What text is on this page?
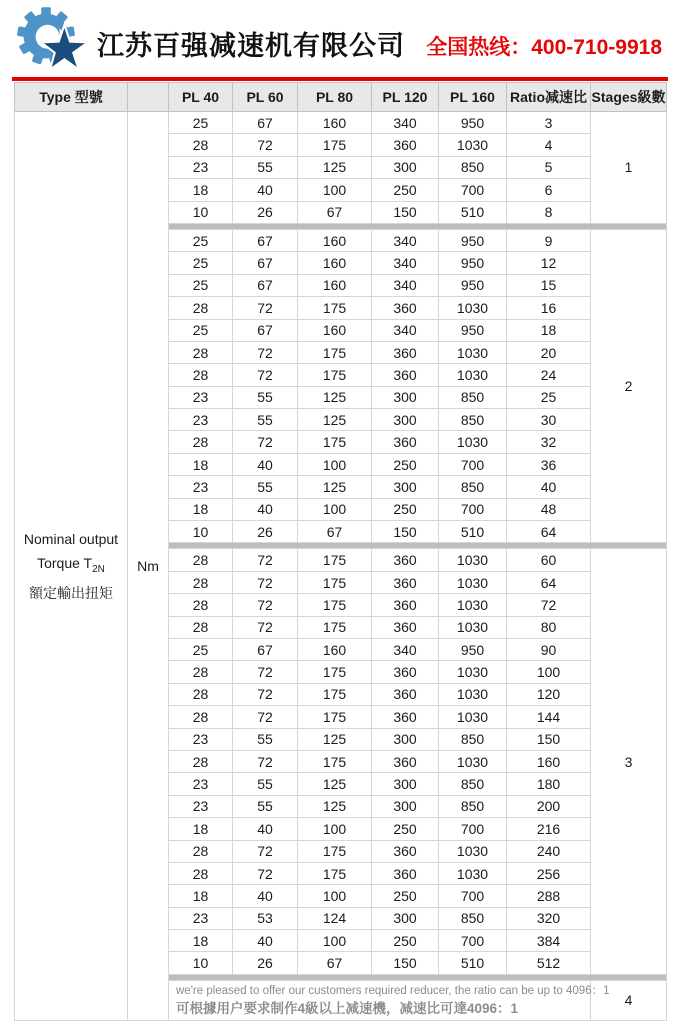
江苏百强减速机有限公司 全国热线：400-710-9918
Type 型號		PL 40	PL 60	PL 80	PL 120	PL 160	Ratio减速比	Stages級數

Nominal output
Torque $T_{2N}$
額定輸出扭矩	Nm	25	67	160	340	950	3	1
		28	72	175	360	1030	4	
		23	55	125	300	850	5	
		18	40	100	250	700	6	
		10	26	67	150	510	8	

		25	67	160	340	950	9	2
		25	67	160	340	950	12	
		25	67	160	340	950	15	
		28	72	175	360	1030	16	
		25	67	160	340	950	18	
		28	72	175	360	1030	20	
		28	72	175	360	1030	24	
		23	55	125	300	850	25	
		23	55	125	300	850	30	
		28	72	175	360	1030	32	
		18	40	100	250	700	36	
		23	55	125	300	850	40	
		18	40	100	250	700	48	
		10	26	67	150	510	64	

		28	72	175	360	1030	60	3
		28	72	175	360	1030	64	
		28	72	175	360	1030	72	
		28	72	175	360	1030	80	
		25	67	160	340	950	90	
		28	72	175	360	1030	100	
		28	72	175	360	1030	120	
		28	72	175	360	1030	144	
		23	55	125	300	850	150	
		28	72	175	360	1030	160	
		23	55	125	300	850	180	
		23	55	125	300	850	200	
		18	40	100	250	700	216	
		28	72	175	360	1030	240	
		28	72	175	360	1030	256	
		18	40	100	250	700	288	
		23	53	124	300	850	320	
		18	40	100	250	700	384	
		10	26	67	150	510	512	

		we're pleased to offer our customers required reducer, the ratio can be up to 4096：1
可根據用户要求制作4級以上减速機，减速比可達4096：1						4
